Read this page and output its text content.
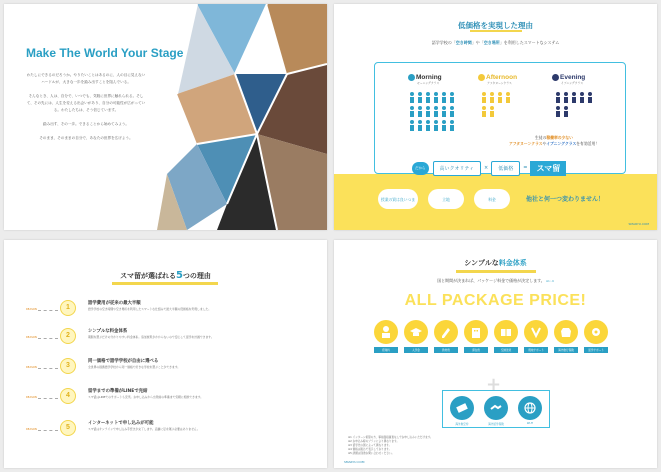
Make The World Your Stage

わたしにできるのだろうか。やりたいことはあるのに、人の目に見えないハードルが、大きな一歩を踏み出すことを阻んでいる。

そんなとき、人は、自分で、いつでも、気軽に世界に触れられる。そして、その先には、人生を変える出会いがあり、自分の可能性が広がっている。わたしたちは、そう信じています。

踏み出す、その一歩。できることから始めてみよう。

そのまま、そのままの自分で、あなたの世界を広げよう。

低価格を実現した理由
語学学校の「空き時間」や「空き場所」を利用したスマートなシステム
Morning
モーニングクラス
Afternoon
アフタヌーンクラス
Evening
イブニングクラス
生徒の稼働率の少ない
アフタヌーンクラスやイブニングクラスを有効活用！
だから	高いクオリティ	×	低価格	=	スマ留
授業の質は良いつま	立地	料金	他社と何一つ変わりません！
SMARYU.COM
スマ留が選ばれる5つの理由
REASON	1
語学費用が従来の最大半額
語学学校の空き時間や空き場所を利用したスマートな仕組みで最大半額の低価格を実現しました。
REASON	2
シンプルな料金体系
期間を選ぶだけの分かりやすい料金体系。追加費用がかからないので安心して留学を計画できます。
REASON	3
同一価格で語学学校が自由に選べる
全世界の提携語学学校から同一価格で好きな学校を選ぶことができます。
REASON	4
留学までの準備がLINEで完結
スマ留はLINEでのサポートも充実。お申し込みから出発前の準備まで気軽に相談できます。
REASON	5
インターネットで申し込みが可能
スマ留はオンラインで申し込み手続きが完了します。店舗に足を運ぶ必要はありません。
シンプルな料金体系
国と期間が決まれば、パッケージ料金で価格が決定します。 ※1～6
ALL PACKAGE PRICE!
授業料	入学金	教材費	滞在費	空港送迎	現地サポート	海外旅行保険	留学サポート
+
海外航空券	海外留学保険	Wi-Fi
※1 インターン希望の方、事前面接審査なしでお申し込みいただけます。
※2 お申込み時のプランにより異なります。
※3 留学先の国によって異なります。
※4 価格は税込で表示しております。
※5 詳細は別途お問い合わせください。
SMARYU.COM
